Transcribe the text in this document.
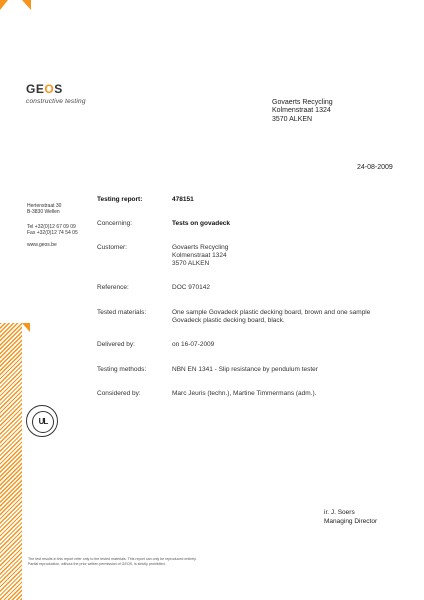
GEOS
constructive testing	Govaerts Recycling
Kolmenstraat 1324
3570 ALKEN
24-08-2009
Hertenstraat 30
B-3830 Wellen
Tel +32(0)12 67 09 09
Fax +32(0)12 74 54 05
www.geos.be
Testing report:	478151
Concerning:	Tests on govadeck
Customer:	Govaerts Recycling
Kolmenstraat 1324
3570 ALKEN
Reference:	DOC 970142
Tested materials:	One sample Govadeck plastic decking board, brown and one sample
Govadeck plastic decking board, black.
Delivered by:	on 16-07-2009
Testing methods:	NBN EN 1341 - Slip resistance by pendulum tester
Considered by:	Marc Jeuris (techn.), Martine Timmermans (adm.).
UL
ir. J. Soers
Managing Director
The test results in this report refer only to the tested materials. This report can only be reproduced entirely.
Partial reproduction, without the prior written permission of GEOS, is strictly prohibited.
